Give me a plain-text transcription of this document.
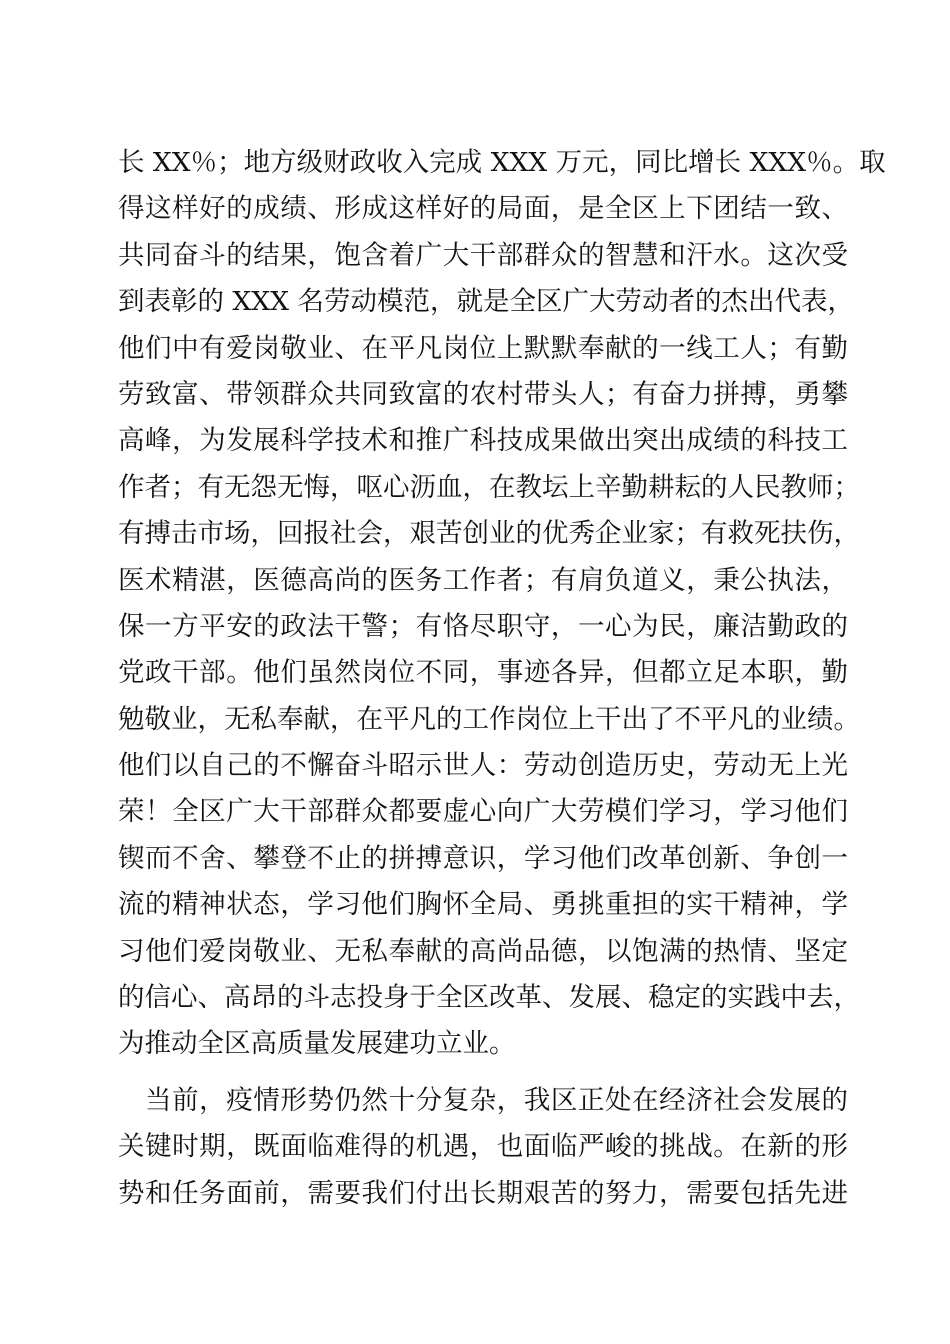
长 XX％；地方级财政收入完成 XXX 万元，同比增长 XXX％。取
得这样好的成绩、形成这样好的局面，是全区上下团结一致、
共同奋斗的结果，饱含着广大干部群众的智慧和汗水。这次受
到表彰的 XXX 名劳动模范，就是全区广大劳动者的杰出代表，
他们中有爱岗敬业、在平凡岗位上默默奉献的一线工人；有勤
劳致富、带领群众共同致富的农村带头人；有奋力拼搏，勇攀
高峰，为发展科学技术和推广科技成果做出突出成绩的科技工
作者；有无怨无悔，呕心沥血，在教坛上辛勤耕耘的人民教师；
有搏击市场，回报社会，艰苦创业的优秀企业家；有救死扶伤，
医术精湛，医德高尚的医务工作者；有肩负道义，秉公执法，
保一方平安的政法干警；有恪尽职守，一心为民，廉洁勤政的
党政干部。他们虽然岗位不同，事迹各异，但都立足本职，勤
勉敬业，无私奉献，在平凡的工作岗位上干出了不平凡的业绩。
他们以自己的不懈奋斗昭示世人：劳动创造历史，劳动无上光
荣！全区广大干部群众都要虚心向广大劳模们学习，学习他们
锲而不舍、攀登不止的拼搏意识，学习他们改革创新、争创一
流的精神状态，学习他们胸怀全局、勇挑重担的实干精神，学
习他们爱岗敬业、无私奉献的高尚品德，以饱满的热情、坚定
的信心、高昂的斗志投身于全区改革、发展、稳定的实践中去，
为推动全区高质量发展建功立业。
　当前，疫情形势仍然十分复杂，我区正处在经济社会发展的
关键时期，既面临难得的机遇，也面临严峻的挑战。在新的形
势和任务面前，需要我们付出长期艰苦的努力，需要包括先进
